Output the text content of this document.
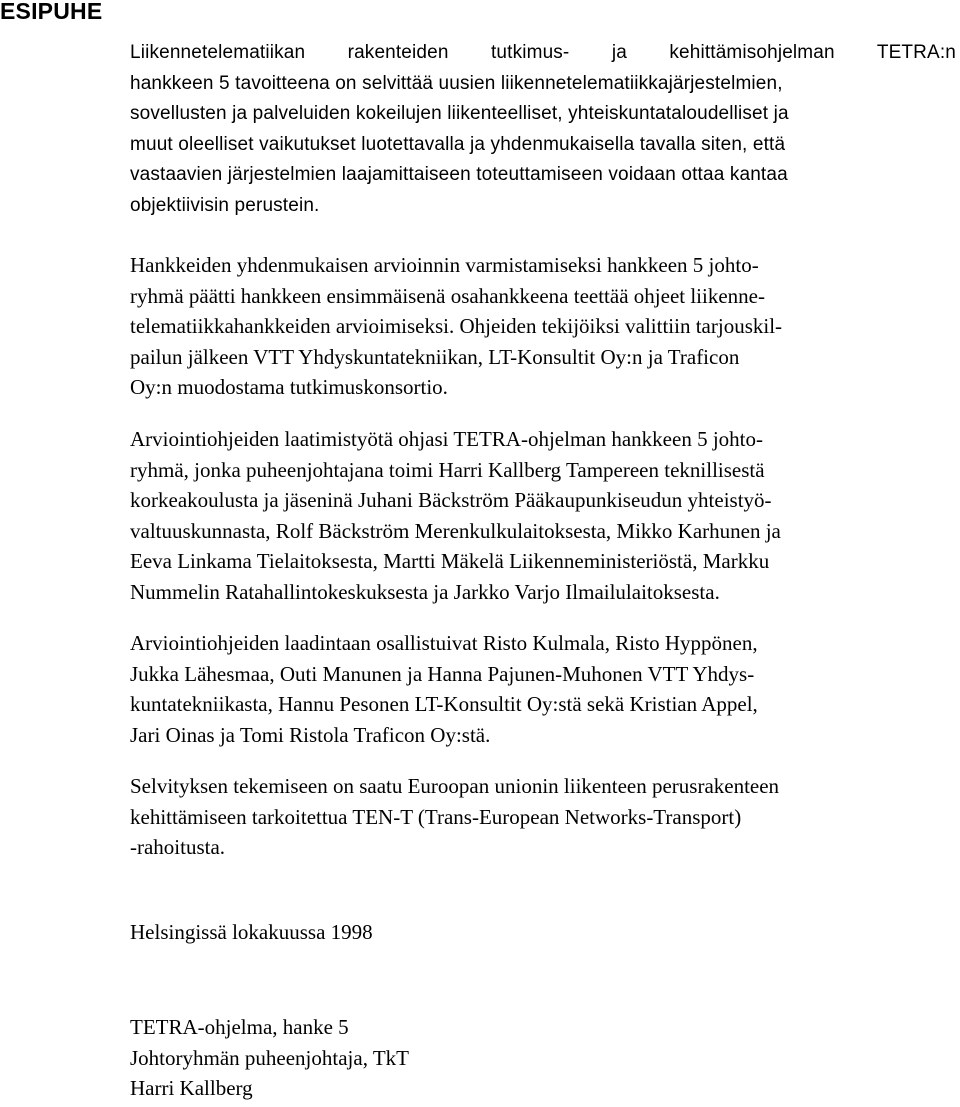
ESIPUHE

Liikennetelematiikan rakenteiden tutkimus- ja kehittämisohjelman TETRA:n
hankkeen 5 tavoitteena on selvittää uusien liikennetelematiikkajärjestelmien,
sovellusten ja palveluiden kokeilujen liikenteelliset, yhteiskuntataloudelliset ja
muut oleelliset vaikutukset luotettavalla ja yhdenmukaisella tavalla siten, että
vastaavien järjestelmien laajamittaiseen toteuttamiseen voidaan ottaa kantaa
objektiivisin perustein.

Hankkeiden yhdenmukaisen arvioinnin varmistamiseksi hankkeen 5 johto-
ryhmä päätti hankkeen ensimmäisenä osahankkeena teettää ohjeet liikenne-
telematiikkahankkeiden arvioimiseksi. Ohjeiden tekijöiksi valittiin tarjouskil-
pailun jälkeen VTT Yhdyskuntatekniikan, LT-Konsultit Oy:n ja Traficon
Oy:n muodostama tutkimuskonsortio.

Arviointiohjeiden laatimistyötä ohjasi TETRA-ohjelman hankkeen 5 johto-
ryhmä, jonka puheenjohtajana toimi Harri Kallberg Tampereen teknillisestä
korkeakoulusta ja jäseninä Juhani Bäckström Pääkaupunkiseudun yhteistyö-
valtuuskunnasta, Rolf Bäckström Merenkulkulaitoksesta, Mikko Karhunen ja
Eeva Linkama Tielaitoksesta, Martti Mäkelä Liikenneministeriöstä, Markku
Nummelin Ratahallintokeskuksesta ja Jarkko Varjo Ilmailulaitoksesta.

Arviointiohjeiden laadintaan osallistuivat Risto Kulmala, Risto Hyppönen,
Jukka Lähesmaa, Outi Manunen ja Hanna Pajunen-Muhonen VTT Yhdys-
kuntatekniikasta, Hannu Pesonen LT-Konsultit Oy:stä sekä Kristian Appel,
Jari Oinas ja Tomi Ristola Traficon Oy:stä.

Selvityksen tekemiseen on saatu Euroopan unionin liikenteen perusrakenteen
kehittämiseen tarkoitettua TEN-T (Trans-European Networks-Transport)
-rahoitusta.

Helsingissä lokakuussa 1998

TETRA-ohjelma, hanke 5
Johtoryhmän puheenjohtaja, TkT
Harri Kallberg
